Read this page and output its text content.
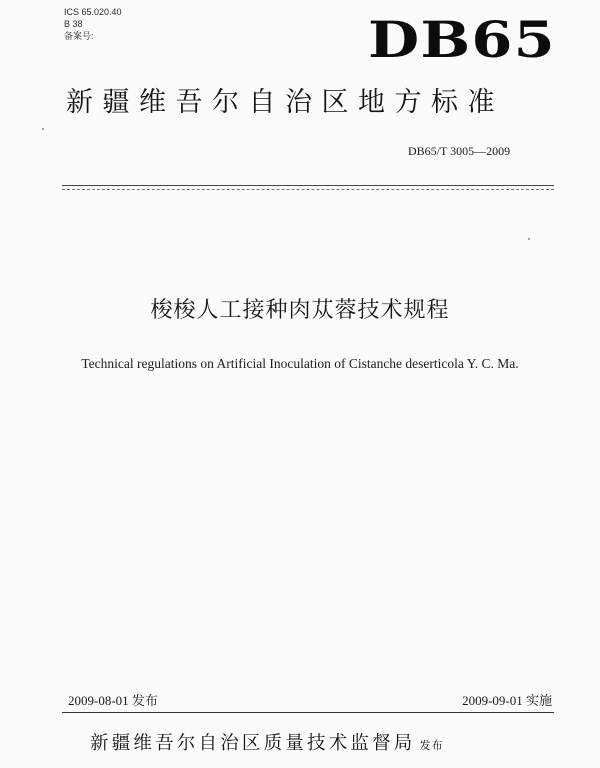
ICS 65.020.40
B 38
备案号:	DB65
新疆维吾尔自治区地方标准
DB65/T 3005—2009
梭梭人工接种肉苁蓉技术规程
Technical regulations on Artificial Inoculation of Cistanche deserticola Y. C. Ma.
2009-08-01 发布	2009-09-01 实施
新疆维吾尔自治区质量技术监督局 发布
